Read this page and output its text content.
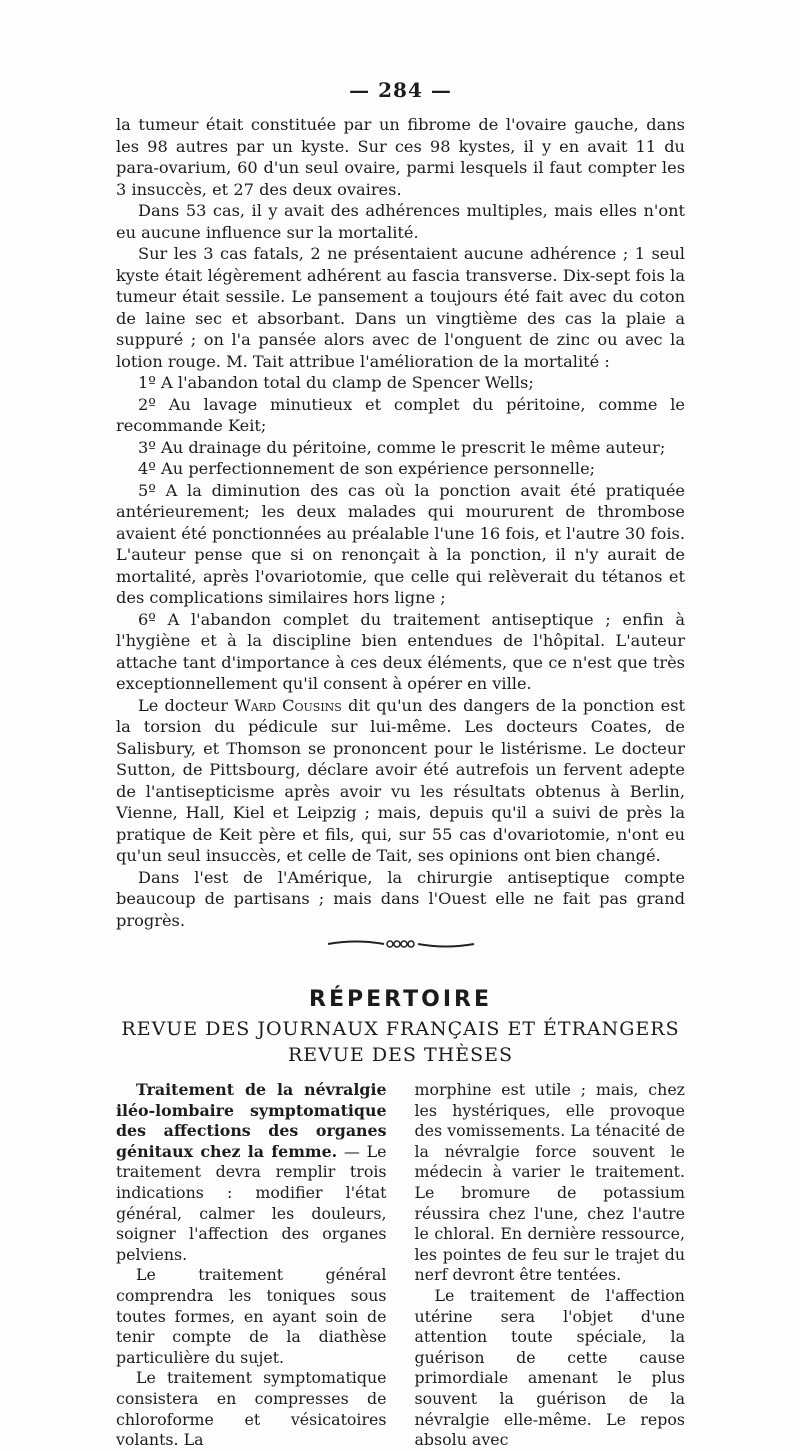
— 284 —

la tumeur était constituée par un fibrome de l'ovaire gauche, dans les 98 autres par un kyste. Sur ces 98 kystes, il y en avait 11 du para-ovarium, 60 d'un seul ovaire, parmi lesquels il faut compter les 3 insuccès, et 27 des deux ovaires.

Dans 53 cas, il y avait des adhérences multiples, mais elles n'ont eu aucune influence sur la mortalité.

Sur les 3 cas fatals, 2 ne présentaient aucune adhérence ; 1 seul kyste était légèrement adhérent au fascia transverse. Dix-sept fois la tumeur était sessile. Le pansement a toujours été fait avec du coton de laine sec et absorbant. Dans un vingtième des cas la plaie a suppuré ; on l'a pansée alors avec de l'onguent de zinc ou avec la lotion rouge. M. Tait attribue l'amélioration de la mortalité :

1º A l'abandon total du clamp de Spencer Wells;

2º Au lavage minutieux et complet du péritoine, comme le recommande Keit;

3º Au drainage du péritoine, comme le prescrit le même auteur;

4º Au perfectionnement de son expérience personnelle;

5º A la diminution des cas où la ponction avait été pratiquée antérieurement; les deux malades qui moururent de thrombose avaient été ponctionnées au préalable l'une 16 fois, et l'autre 30 fois. L'auteur pense que si on renonçait à la ponction, il n'y aurait de mortalité, après l'ovariotomie, que celle qui relèverait du tétanos et des complications similaires hors ligne ;

6º A l'abandon complet du traitement antiseptique ; enfin à l'hygiène et à la discipline bien entendues de l'hôpital. L'auteur attache tant d'importance à ces deux éléments, que ce n'est que très exceptionnellement qu'il consent à opérer en ville.

Le docteur Ward Cousins dit qu'un des dangers de la ponction est la torsion du pédicule sur lui-même. Les docteurs Coates, de Salisbury, et Thomson se prononcent pour le listérisme. Le docteur Sutton, de Pittsbourg, déclare avoir été autrefois un fervent adepte de l'antisepticisme après avoir vu les résultats obtenus à Berlin, Vienne, Hall, Kiel et Leipzig ; mais, depuis qu'il a suivi de près la pratique de Keit père et fils, qui, sur 55 cas d'ovariotomie, n'ont eu qu'un seul insuccès, et celle de Tait, ses opinions ont bien changé.

Dans l'est de l'Amérique, la chirurgie antiseptique compte beaucoup de partisans ; mais dans l'Ouest elle ne fait pas grand progrès.

RÉPERTOIRE
REVUE DES JOURNAUX FRANÇAIS ET ÉTRANGERS
REVUE DES THÈSES

Traitement de la névralgie iléo-lombaire symptomatique des affections des organes génitaux chez la femme. — Le traitement devra remplir trois indications : modifier l'état général, calmer les douleurs, soigner l'affection des organes pelviens.

Le traitement général comprendra les toniques sous toutes formes, en ayant soin de tenir compte de la diathèse particulière du sujet.

Le traitement symptomatique consistera en compresses de chloroforme et vésicatoires volants. La

morphine est utile ; mais, chez les hystériques, elle provoque des vomissements. La ténacité de la névralgie force souvent le médecin à varier le traitement. Le bromure de potassium réussira chez l'une, chez l'autre le chloral. En dernière ressource, les pointes de feu sur le trajet du nerf devront être tentées.

Le traitement de l'affection utérine sera l'objet d'une attention toute spéciale, la guérison de cette cause primordiale amenant le plus souvent la guérison de la névralgie elle-même. Le repos absolu avec
